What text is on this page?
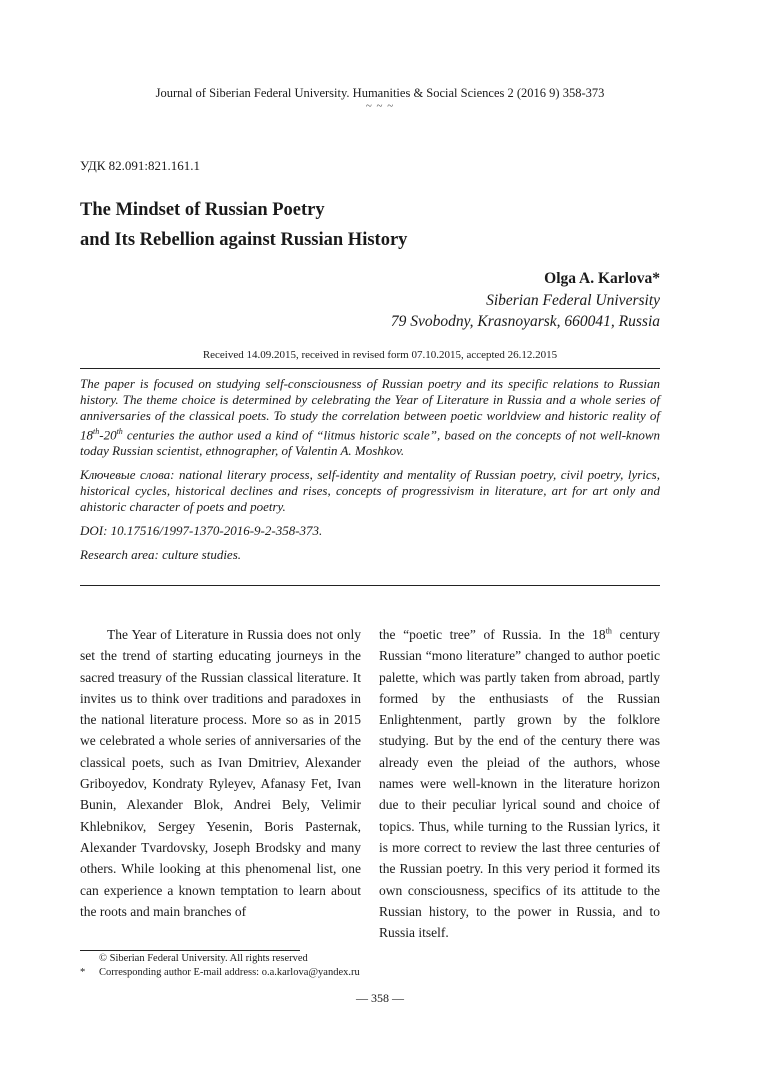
Journal of Siberian Federal University. Humanities & Social Sciences 2 (2016 9) 358-373
~ ~ ~
УДК 82.091:821.161.1
The Mindset of Russian Poetry
and Its Rebellion against Russian History
Olga A. Karlova*
Siberian Federal University
79 Svobodny, Krasnoyarsk, 660041, Russia
Received 14.09.2015, received in revised form 07.10.2015, accepted 26.12.2015

The paper is focused on studying self-consciousness of Russian poetry and its specific relations to Russian history. The theme choice is determined by celebrating the Year of Literature in Russia and a whole series of anniversaries of the classical poets. To study the correlation between poetic worldview and historic reality of 18th-20th centuries the author used a kind of “litmus historic scale”, based on the concepts of not well-known today Russian scientist, ethnographer, of Valentin A. Moshkov.

Ключевые слова: national literary process, self-identity and mentality of Russian poetry, civil poetry, lyrics, historical cycles, historical declines and rises, concepts of progressivism in literature, art for art only and ahistoric character of poets and poetry.

DOI: 10.17516/1997-1370-2016-9-2-358-373.

Research area: culture studies.

The Year of Literature in Russia does not only set the trend of starting educating journeys in the sacred treasury of the Russian classical literature. It invites us to think over traditions and paradoxes in the national literature process. More so as in 2015 we celebrated a whole series of anniversaries of the classical poets, such as Ivan Dmitriev, Alexander Griboyedov, Kondraty Ryleyev, Afanasy Fet, Ivan Bunin, Alexander Blok, Andrei Bely, Velimir Khlebnikov, Sergey Yesenin, Boris Pasternak, Alexander Tvardovsky, Joseph Brodsky and many others. While looking at this phenomenal list, one can experience a known temptation to learn about the roots and main branches of

the “poetic tree” of Russia. In the 18th century Russian “mono literature” changed to author poetic palette, which was partly taken from abroad, partly formed by the enthusiasts of the Russian Enlightenment, partly grown by the folklore studying. But by the end of the century there was already even the pleiad of the authors, whose names were well-known in the literature horizon due to their peculiar lyrical sound and choice of topics. Thus, while turning to the Russian lyrics, it is more correct to review the last three centuries of the Russian poetry. In this very period it formed its own consciousness, specifics of its attitude to the Russian history, to the power in Russia, and to Russia itself.

© Siberian Federal University. All rights reserved
* Corresponding author E-mail address: o.a.karlova@yandex.ru
— 358 —
